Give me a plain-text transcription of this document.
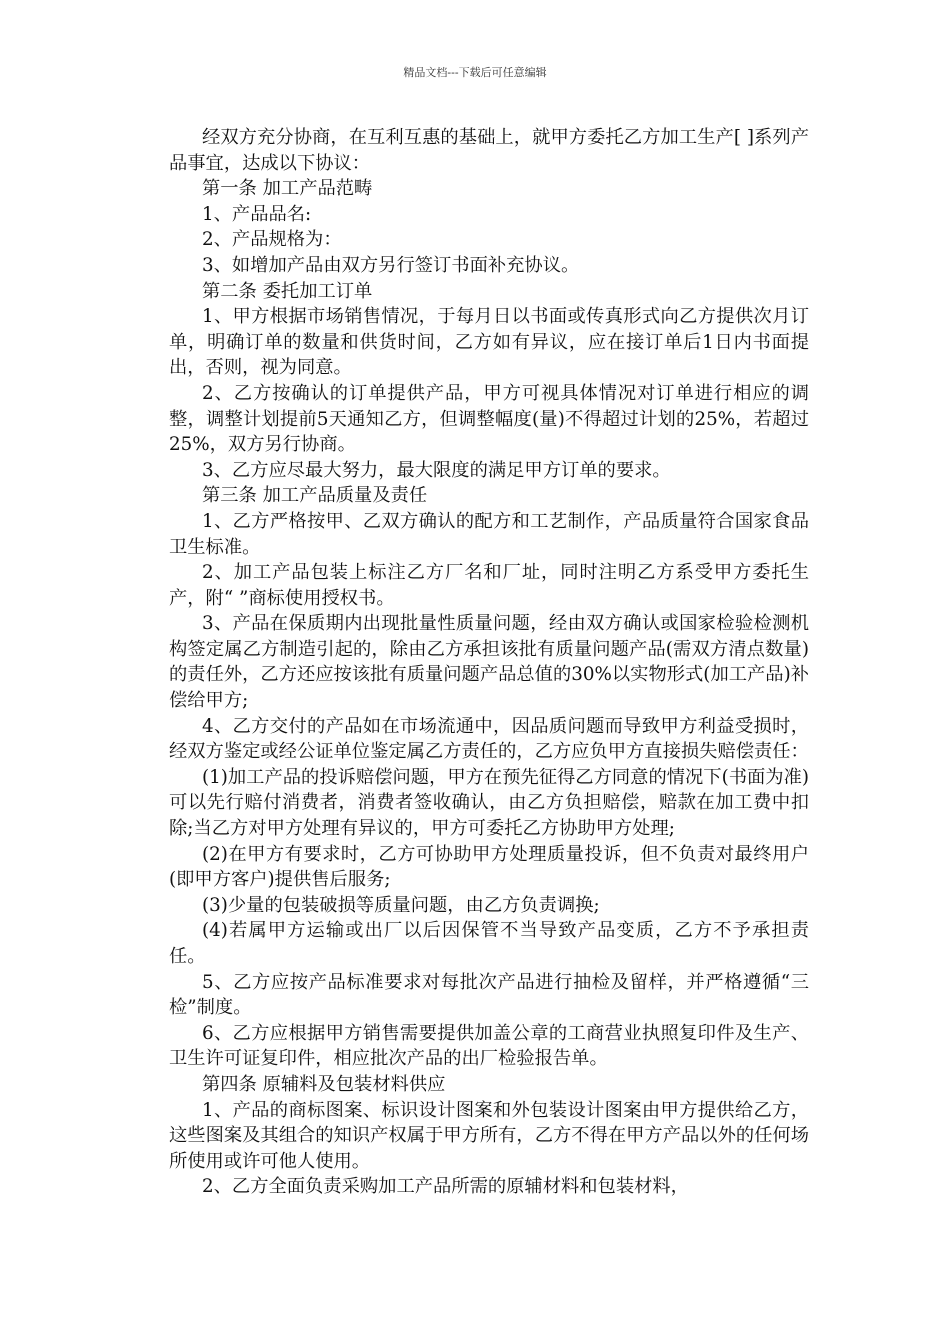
精品文档---下载后可任意编辑

经双方充分协商，在互利互惠的基础上，就甲方委托乙方加工生产[ ]系列产品事宜，达成以下协议：

第一条 加工产品范畴

1、产品品名:

2、产品规格为：

3、如增加产品由双方另行签订书面补充协议。

第二条 委托加工订单

1、甲方根据市场销售情况，于每月日以书面或传真形式向乙方提供次月订单，明确订单的数量和供货时间，乙方如有异议，应在接订单后1日内书面提出，否则，视为同意。

2、乙方按确认的订单提供产品，甲方可视具体情况对订单进行相应的调整，调整计划提前5天通知乙方，但调整幅度(量)不得超过计划的25%，若超过25%，双方另行协商。

3、乙方应尽最大努力，最大限度的满足甲方订单的要求。

第三条 加工产品质量及责任

1、乙方严格按甲、乙双方确认的配方和工艺制作，产品质量符合国家食品卫生标准。

2、加工产品包装上标注乙方厂名和厂址，同时注明乙方系受甲方委托生产，附“ ”商标使用授权书。

3、产品在保质期内出现批量性质量问题，经由双方确认或国家检验检测机构签定属乙方制造引起的，除由乙方承担该批有质量问题产品(需双方清点数量)的责任外，乙方还应按该批有质量问题产品总值的30%以实物形式(加工产品)补偿给甲方;

4、乙方交付的产品如在市场流通中，因品质问题而导致甲方利益受损时，经双方鉴定或经公证单位鉴定属乙方责任的，乙方应负甲方直接损失赔偿责任：

(1)加工产品的投诉赔偿问题，甲方在预先征得乙方同意的情况下(书面为准)可以先行赔付消费者，消费者签收确认，由乙方负担赔偿，赔款在加工费中扣除;当乙方对甲方处理有异议的，甲方可委托乙方协助甲方处理;

(2)在甲方有要求时，乙方可协助甲方处理质量投诉，但不负责对最终用户(即甲方客户)提供售后服务;

(3)少量的包装破损等质量问题，由乙方负责调换;

(4)若属甲方运输或出厂以后因保管不当导致产品变质，乙方不予承担责任。

5、乙方应按产品标准要求对每批次产品进行抽检及留样，并严格遵循“三检”制度。

6、乙方应根据甲方销售需要提供加盖公章的工商营业执照复印件及生产、卫生许可证复印件，相应批次产品的出厂检验报告单。

第四条 原辅料及包装材料供应

1、产品的商标图案、标识设计图案和外包装设计图案由甲方提供给乙方，这些图案及其组合的知识产权属于甲方所有，乙方不得在甲方产品以外的任何场所使用或许可他人使用。

2、乙方全面负责采购加工产品所需的原辅材料和包装材料，
